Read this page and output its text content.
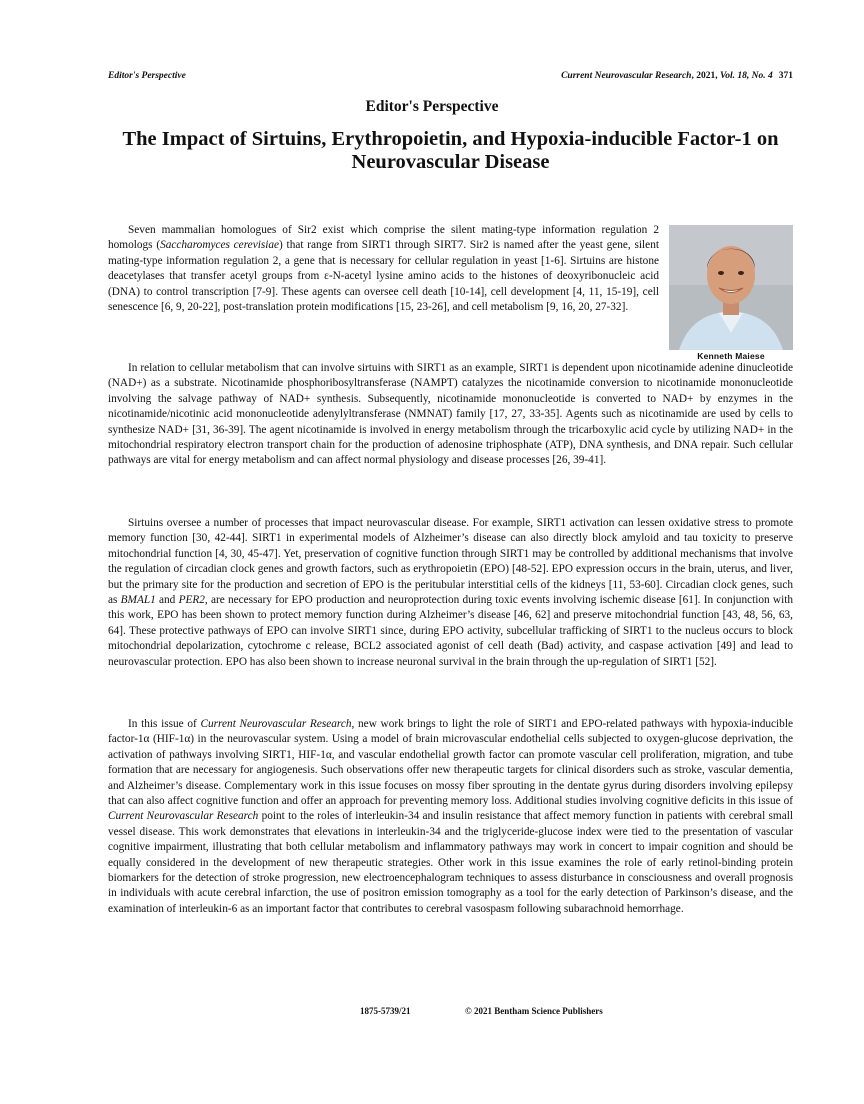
Editor's Perspective	Current Neurovascular Research, 2021, Vol. 18, No. 4 371
Editor's Perspective
The Impact of Sirtuins, Erythropoietin, and Hypoxia-inducible Factor-1 on Neurovascular Disease
Kenneth Maiese

Seven mammalian homologues of Sir2 exist which comprise the silent mating-type information regulation 2 homologs (Saccharomyces cerevisiae) that range from SIRT1 through SIRT7. Sir2 is named after the yeast gene, silent mating-type information regulation 2, a gene that is necessary for cellular regulation in yeast [1-6]. Sirtuins are histone deacetylases that transfer acetyl groups from ε-N-acetyl lysine amino acids to the histones of deoxyribonucleic acid (DNA) to control transcription [7-9]. These agents can oversee cell death [10-14], cell development [4, 11, 15-19], cell senescence [6, 9, 20-22], post-translation protein modifications [15, 23-26], and cell metabolism [9, 16, 20, 27-32].

In relation to cellular metabolism that can involve sirtuins with SIRT1 as an example, SIRT1 is dependent upon nicotinamide adenine dinucleotide (NAD+) as a substrate. Nicotinamide phosphoribosyltransferase (NAMPT) catalyzes the nicotinamide conversion to nicotinamide mononucleotide involving the salvage pathway of NAD+ synthesis. Subsequently, nicotinamide mononucleotide is converted to NAD+ by enzymes in the nicotinamide/nicotinic acid mononucleotide adenylyltransferase (NMNAT) family [17, 27, 33-35]. Agents such as nicotinamide are used by cells to synthesize NAD+ [31, 36-39]. The agent nicotinamide is involved in energy metabolism through the tricarboxylic acid cycle by utilizing NAD+ in the mitochondrial respiratory electron transport chain for the production of adenosine triphosphate (ATP), DNA synthesis, and DNA repair. Such cellular pathways are vital for energy metabolism and can affect normal physiology and disease processes [26, 39-41].

Sirtuins oversee a number of processes that impact neurovascular disease. For example, SIRT1 activation can lessen oxidative stress to promote memory function [30, 42-44]. SIRT1 in experimental models of Alzheimer’s disease can also directly block amyloid and tau toxicity to preserve mitochondrial function [4, 30, 45-47]. Yet, preservation of cognitive function through SIRT1 may be controlled by additional mechanisms that involve the regulation of circadian clock genes and growth factors, such as erythropoietin (EPO) [48-52]. EPO expression occurs in the brain, uterus, and liver, but the primary site for the production and secretion of EPO is the peritubular interstitial cells of the kidneys [11, 53-60]. Circadian clock genes, such as BMAL1 and PER2, are necessary for EPO production and neuroprotection during toxic events involving ischemic disease [61]. In conjunction with this work, EPO has been shown to protect memory function during Alzheimer’s disease [46, 62] and preserve mitochondrial function [43, 48, 56, 63, 64]. These protective pathways of EPO can involve SIRT1 since, during EPO activity, subcellular trafficking of SIRT1 to the nucleus occurs to block mitochondrial depolarization, cytochrome c release, BCL2 associated agonist of cell death (Bad) activity, and caspase activation [49] and lead to neurovascular protection. EPO has also been shown to increase neuronal survival in the brain through the up-regulation of SIRT1 [52].

In this issue of Current Neurovascular Research, new work brings to light the role of SIRT1 and EPO-related pathways with hypoxia-inducible factor-1α (HIF-1α) in the neurovascular system. Using a model of brain microvascular endothelial cells subjected to oxygen-glucose deprivation, the activation of pathways involving SIRT1, HIF-1α, and vascular endothelial growth factor can promote vascular cell proliferation, migration, and tube formation that are necessary for angiogenesis. Such observations offer new therapeutic targets for clinical disorders such as stroke, vascular dementia, and Alzheimer’s disease. Complementary work in this issue focuses on mossy fiber sprouting in the dentate gyrus during disorders involving epilepsy that can also affect cognitive function and offer an approach for preventing memory loss. Additional studies involving cognitive deficits in this issue of Current Neurovascular Research point to the roles of interleukin-34 and insulin resistance that affect memory function in patients with cerebral small vessel disease. This work demonstrates that elevations in interleukin-34 and the triglyceride-glucose index were tied to the presentation of vascular cognitive impairment, illustrating that both cellular metabolism and inflammatory pathways may work in concert to impair cognition and should be equally considered in the development of new therapeutic strategies. Other work in this issue examines the role of early retinol-binding protein biomarkers for the detection of stroke progression, new electroencephalogram techniques to assess disturbance in consciousness and overall prognosis in individuals with acute cerebral infarction, the use of positron emission tomography as a tool for the early detection of Parkinson’s disease, and the examination of interleukin-6 as an important factor that contributes to cerebral vasospasm following subarachnoid hemorrhage.

1875-5739/21	© 2021 Bentham Science Publishers
